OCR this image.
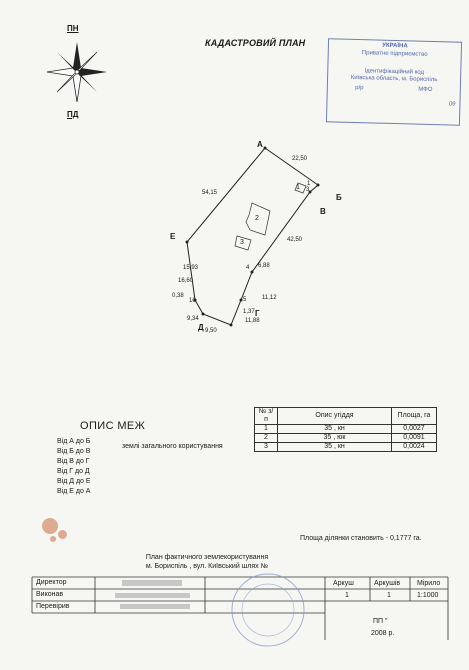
ПН
ПД
КАДАСТРОВИЙ ПЛАН	УКРАЇНА
Приватне підприємство
Ідентифікаційний код
Київська область, м. Бориспіль
р/р	МФО
09
А
Б
В
Г
Д
Е
1
3
4
5
10
22,50
54,15
42,50
15,93
16,60
6,88
0,38	11,12
9,34
1,37
11,88
9,50
1
2
3
ОПИС МЕЖ
Від А до Б
Від Б до В
Від В до Г
Від Г до Д
Від Д до Е
Від Е до А
землі загального користування
№ з/п	Опис угіддя	Площа, га
1	35 , кн	0,0027
2	35 , юк	0,0091
3	35 , кн	0,0024
Площа ділянки становить - 0,1777 га.
План фактичного землекористування
м. Бориспіль , вул. Київський шлях №
Директор
Виконав
Перевірив
Аркуш	Аркушів Мірило
1	1	1:1000
ПП "
2008 р.
